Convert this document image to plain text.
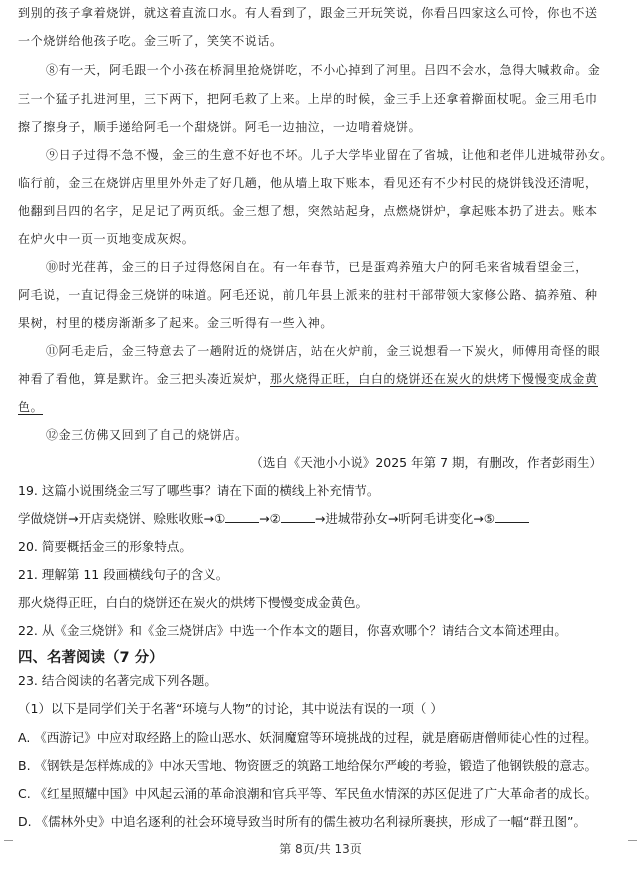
到别的孩子拿着烧饼，就这着直流口水。有人看到了，跟金三开玩笑说，你看吕四家这么可怜，你也不送
一个烧饼给他孩子吃。金三听了，笑笑不说话。
⑧有一天，阿毛跟一个小孩在桥洞里抢烧饼吃，不小心掉到了河里。吕四不会水，急得大喊救命。金
三一个猛子扎进河里，三下两下，把阿毛救了上来。上岸的时候，金三手上还拿着擀面杖呢。金三用毛巾
擦了擦身子，顺手递给阿毛一个甜烧饼。阿毛一边抽泣，一边啃着烧饼。
⑨日子过得不急不慢，金三的生意不好也不坏。儿子大学毕业留在了省城，让他和老伴儿进城带孙女。
临行前，金三在烧饼店里里外外走了好几趟，他从墙上取下账本，看见还有不少村民的烧饼钱没还清呢，
他翻到吕四的名字，足足记了两页纸。金三想了想，突然站起身，点燃烧饼炉，拿起账本扔了进去。账本
在炉火中一页一页地变成灰烬。
⑩时光荏苒，金三的日子过得悠闲自在。有一年春节，已是蛋鸡养殖大户的阿毛来省城看望金三，
阿毛说，一直记得金三烧饼的味道。阿毛还说，前几年县上派来的驻村干部带领大家修公路、搞养殖、种
果树，村里的楼房渐渐多了起来。金三听得有一些入神。
⑪阿毛走后，金三特意去了一趟附近的烧饼店，站在火炉前，金三说想看一下炭火，师傅用奇怪的眼
神看了看他，算是默许。金三把头凑近炭炉，那火烧得正旺，白白的烧饼还在炭火的烘烤下慢慢变成金黄
色。
⑫金三仿佛又回到了自己的烧饼店。
（选自《天池小小说》2025 年第 7 期，有删改，作者彭雨生）
19. 这篇小说围绕金三写了哪些事？请在下面的横线上补充情节。
学做烧饼→开店卖烧饼、赊账收账→①	→②	→进城带孙女→听阿毛讲变化→⑤
20. 简要概括金三的形象特点。
21. 理解第 11 段画横线句子的含义。
那火烧得正旺，白白的烧饼还在炭火的烘烤下慢慢变成金黄色。
22. 从《金三烧饼》和《金三烧饼店》中选一个作本文的题目，你喜欢哪个？请结合文本简述理由。
四、名著阅读（7 分）
23. 结合阅读的名著完成下列各题。
（1）以下是同学们关于名著“环境与人物”的讨论，其中说法有误的一项（ ）
A. 《西游记》中应对取经路上的险山恶水、妖洞魔窟等环境挑战的过程，就是磨砺唐僧师徒心性的过程。
B. 《钢铁是怎样炼成的》中冰天雪地、物资匮乏的筑路工地给保尔严峻的考验，锻造了他钢铁般的意志。
C. 《红星照耀中国》中风起云涌的革命浪潮和官兵平等、军民鱼水情深的苏区促进了广大革命者的成长。
D. 《儒林外史》中追名逐利的社会环境导致当时所有的儒生被功名利禄所裹挟，形成了一幅“群丑图”。
第 8页/共 13页
